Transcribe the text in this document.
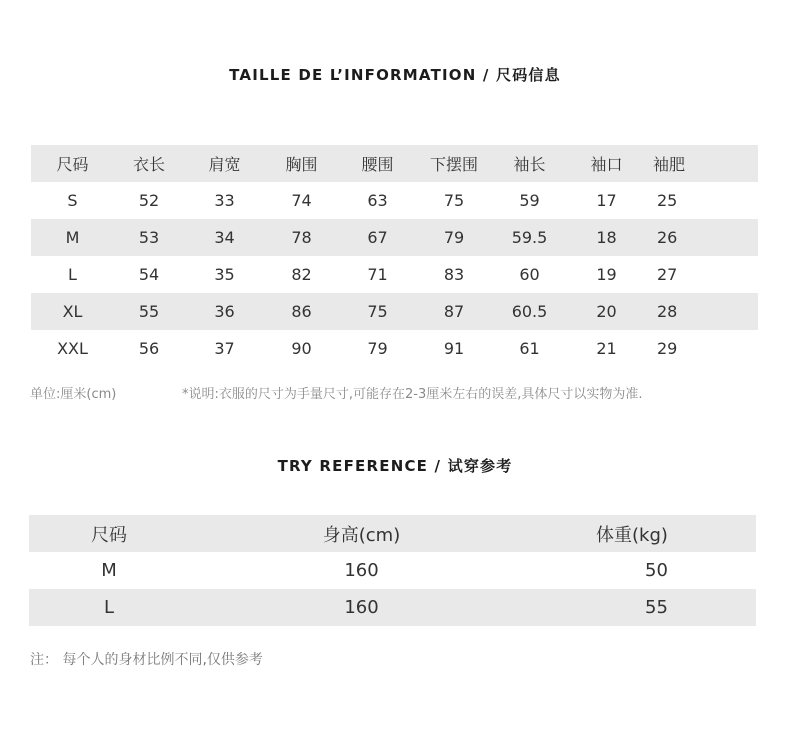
TAILLE DE L’INFORMATION / 尺码信息
尺码	衣长	肩宽	胸围	腰围	下摆围	袖长	袖口	袖肥
S	52	33	74	63	75	59	17	25
M	53	34	78	67	79	59.5	18	26
L	54	35	82	71	83	60	19	27
XL	55	36	86	75	87	60.5	20	28
XXL	56	37	90	79	91	61	21	29
单位:厘米(cm)	*说明:衣服的尺寸为手量尺寸,可能存在2-3厘米左右的误差,具体尺寸以实物为准.
TRY REFERENCE / 试穿参考
尺码	身高(cm)	体重(kg)
M	160	50
L	160	55
注： 每个人的身材比例不同,仅供参考
